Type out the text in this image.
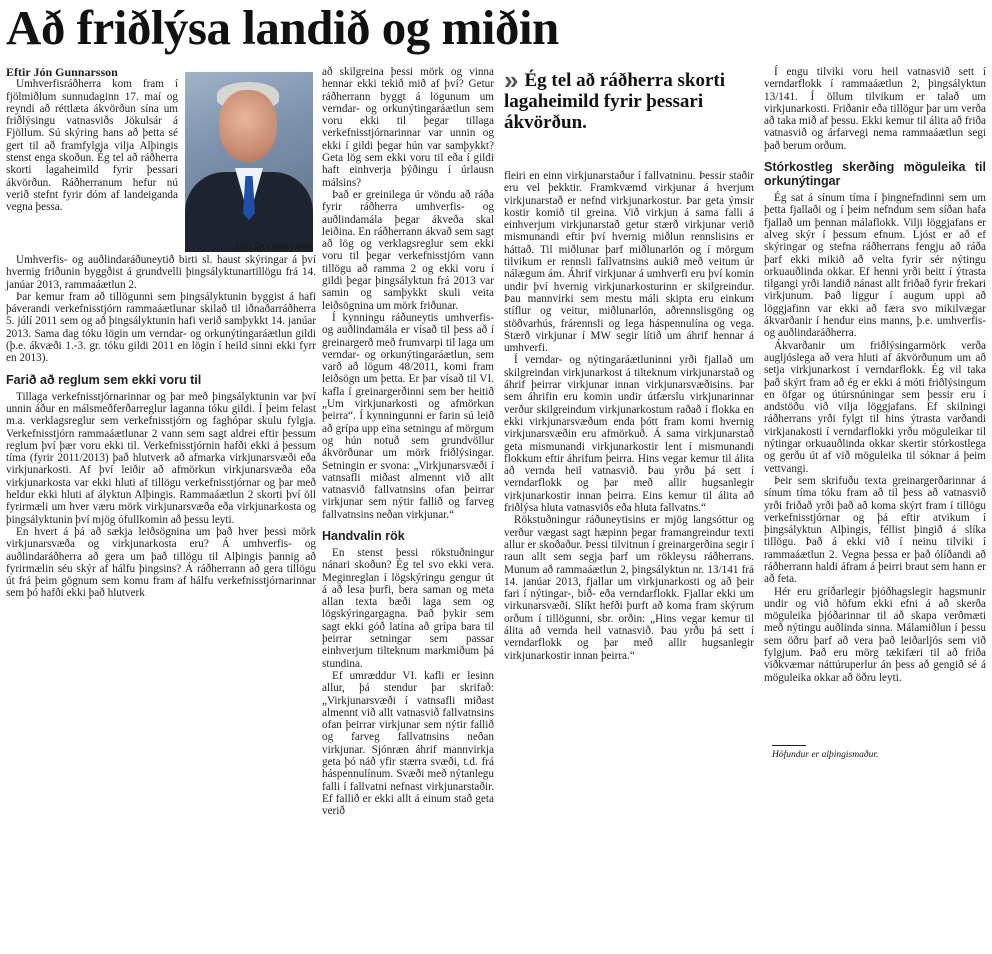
Að friðlýsa landið og miðin

Eftir Jón Gunnarsson

Umhverfisráðherra kom fram í fjölmiðlum sunnudaginn 17. maí og reyndi að réttlæta ákvörðun sína um friðlýsingu vatnasviðs Jökulsár á Fjöllum. Sú skýring hans að þetta sé gert til að framfylgja vilja Alþingis stenst enga skoðun. Ég tel að ráðherra skorti lagaheimild fyrir þessari ákvörðun. Ráðherranum hefur nú verið stefnt fyrir dóm af landeiganda vegna þessa.

Umhverfis- og auðlindaráðuneytið birti sl. haust skýringar á því hvernig friðunin byggðist á grundvelli þingsályktunartillögu frá 14. janúar 2013, rammaáætlun 2.

Þar kemur fram að tillögunni sem þingsályktunin byggist á hafi þáverandi verkefnisstjórn rammaáætlunar skilað til iðnaðarráðherra 5. júlí 2011 sem og að þingsályktunin hafi verið samþykkt 14. janúar 2013. Sama dag tóku lögin um verndar- og orkunýtingaráætlun gildi (þ.e. ákvæði 1.-3. gr. tóku gildi 2011 en lögin í heild sinni ekki fyrr en 2013).

Farið að reglum sem ekki voru til

Tillaga verkefnisstjórnarinnar og þar með þingsályktunin var því unnin áður en málsmeðferðarreglur laganna tóku gildi. Í þeim felast m.a. verklagsreglur sem verkefnisstjórn og faghópar skulu fylgja. Verkefnisstjórn rammaáætlunar 2 vann sem sagt aldrei eftir þessum reglum því þær voru ekki til. Verkefnisstjórnin hafði ekki á þessum tíma (fyrir 2011/2013) það hlutverk að afmarka virkjunarsvæði eða virkjunarkosti. Af því leiðir að afmörkun virkjunarsvæða eða virkjunarkosta var ekki hluti af tillögu verkefnisstjórnar og þar með heldur ekki hluti af ályktun Alþingis. Rammaáætlun 2 skorti því öll fyrirmæli um hver væru mörk virkjunarsvæða eða virkjunarkosta og þingsályktunin því mjög ófullkomin að þessu leyti.

En hvert á þá að sækja leiðsögnina um það hver þessi mörk virkjunarsvæða og virkjunarkosta eru? Á umhverfis- og auðlindaráðherra að gera um það tillögu til Alþingis þannig að fyrirmælin séu skýr af hálfu þingsins? Á ráðherrann að gera tillögu út frá þeim gögnum sem komu fram af hálfu verkefnisstjórnarinnar sem þó hafði ekki það hlutverk

Jón Gunnarsson

að skilgreina þessi mörk og vinna hennar ekki tekið mið af því? Getur ráðherrann byggt á lögunum um verndar- og orkunýtingaráætlun sem voru ekki til þegar tillaga verkefnisstjórnarinnar var unnin og ekki í gildi þegar hún var samþykkt? Geta lög sem ekki voru til eða í gildi haft einhverja þýðingu í úrlausn málsins?

Það er greinilega úr vöndu að ráða fyrir ráðherra umhverfis- og auðlindamála þegar ákveða skal leiðina. En ráðherrann ákvað sem sagt að lög og verklagsreglur sem ekki voru til þegar verkefnisstjórn vann tillögu að ramma 2 og ekki voru í gildi þegar þingsályktun frá 2013 var samin og samþykkt skuli veita leiðsögnina um mörk friðunar.

Í kynningu ráðuneytis umhverfis- og auðlindamála er vísað til þess að í greinargerð með frumvarpi til laga um verndar- og orkunýtingaráætlun, sem varð að lögum 48/2011, komi fram leiðsögn um þetta. Er þar vísað til VI. kafla í greinargerðinni sem ber heitið „Um virkjunarkosti og afmörkun þeirra“. Í kynningunni er farin sú leið að grípa upp eina setningu af mörgum og hún notuð sem grundvöllur ákvörðunar um mörk friðlýsingar. Setningin er svona: „Virkjunarsvæði í vatnsafli miðast almennt við allt vatnasvið fallvatnsins ofan þeirrar virkjunar sem nýtir fallið og farveg fallvatnsins neðan virkjunar.“

Handvalin rök

En stenst þessi rökstuðningur nánari skoðun? Ég tel svo ekki vera. Meginreglan í lögskýringu gengur út á að lesa þurfi, bera saman og meta allan texta bæði laga sem og lögskýringargagna. Það þykir sem sagt ekki góð latína að grípa bara til þeirrar setningar sem passar einhverjum tilteknum markmiðum þá stundina.

Ef umræddur VI. kafli er lesinn allur, þá stendur þar skrifað: „Virkjunarsvæði í vatnsafli miðast almennt við allt vatnasvið fallvatnsins ofan þeirrar virkjunar sem nýtir fallið og farveg fallvatnsins neðan virkjunar. Sjónræn áhrif mannvirkja geta þó náð yfir stærra svæði, t.d. frá háspennulínum. Svæði með nýtanlegu falli í fallvatni nefnast virkjunarstaðir. Ef fallið er ekki allt á einum stað geta verið

» Ég tel að ráðherra skorti lagaheimild fyrir þessari ákvörðun.

fleiri en einn virkjunarstaður í fallvatninu. Þessir staðir eru vel þekktir. Framkvæmd virkjunar á hverjum virkjunarstað er nefnd virkjunarkostur. Þar geta ýmsir kostir komið til greina. Við virkjun á sama falli á einhverjum virkjunarstað getur stærð virkjunar verið mismunandi eftir því hvernig miðlun rennslisins er háttað. Til miðlunar þarf miðlunarlón og í mörgum tilvikum er rennsli fallvatnsins aukið með veitum úr nálægum ám. Áhrif virkjunar á umhverfi eru því komin undir því hvernig virkjunarkosturinn er skilgreindur. Þau mannvirki sem mestu máli skipta eru einkum stíflur og veitur, miðlunarlón, aðrennslisgöng og stöðvarhús, frárennsli og lega háspennulína og vega. Stærð virkjunar í MW segir lítið um áhrif hennar á umhverfi.

Í verndar- og nýtingaráætluninni yrði fjallað um skilgreindan virkjunarkost á tilteknum virkjunarstað og áhrif þeirrar virkjunar innan virkjunarsvæðisins. Þar sem áhrifin eru komin undir útfærslu virkjunarinnar verður skilgreindum virkjunarkostum raðað í flokka en ekki virkjunarsvæðum enda þótt fram komi hvernig virkjunarsvæðin eru afmörkuð. Á sama virkjunarstað geta mismunandi virkjunarkostir lent í mismunandi flokkum eftir áhrifum þeirra. Hins vegar kemur til álita að vernda heil vatnasvið. Þau yrðu þá sett í verndarflokk og þar með allir hugsanlegir virkjunarkostir innan þeirra. Eins kemur til álita að friðlýsa hluta vatnasviðs eða hluta fallvatns.“

Rökstuðningur ráðuneytisins er mjög langsóttur og verður vægast sagt hæpinn þegar framangreindur texti allur er skoðaður. Þessi tilvitnun í greinargerðina segir í raun allt sem segja þarf um rökleysu ráðherrans. Munum að rammaáætlun 2, þingsályktun nr. 13/141 frá 14. janúar 2013, fjallar um virkjunarkosti og að þeir fari í nýtingar-, bið- eða verndarflokk. Fjallar ekki um virkunarsvæði. Slíkt hefði þurft að koma fram skýrum orðum í tillögunni, sbr. orðin: „Hins vegar kemur til álita að vernda heil vatnasvið. Þau yrðu þá sett í verndarflokk og þar með allir hugsanlegir virkjunarkostir innan þeirra.“

Í engu tilviki voru heil vatnasvið sett í verndarflokk í rammaáætlun 2, þingsályktun 13/141. Í öllum tilvikum er talað um virkjunarkosti. Friðanir eða tillögur þar um verða að taka mið af þessu. Ekki kemur til álita að friða vatnasvið og árfarvegi nema rammaáætlun segi það berum orðum.

Stórkostleg skerðing möguleika til orkunýtingar

Ég sat á sínum tíma í þingnefndinni sem um þetta fjallaði og í þeim nefndum sem síðan hafa fjallað um þennan málaflokk. Vilji löggjafans er alveg skýr í þessum efnum. Ljóst er að ef skýringar og stefna ráðherrans fengju að ráða þarf ekki mikið að velta fyrir sér nýtingu orkuauðlinda okkar. Ef henni yrði beitt í ýtrasta tilgangi yrði landið nánast allt friðað fyrir frekari virkjunum. Það liggur í augum uppi að löggjafinn var ekki að færa svo mikilvægar ákvarðanir í hendur eins manns, þ.e. umhverfis- og auðlindaráðherra.

Ákvarðanir um friðlýsingarmörk verða augljóslega að vera hluti af ákvörðunum um að setja virkjunarkost í verndarflokk. Ég vil taka það skýrt fram að ég er ekki á móti friðlýsingum en öfgar og útúrsnúningar sem þessir eru í andstöðu við vilja löggjafans. Ef skilningi ráðherrans yrði fylgt til hins ýtrasta varðandi virkjanakosti í verndarflokki yrðu möguleikar til nýtingar orkuauðlinda okkar skertir stórkostlega og gerðu út af við möguleika til sóknar á þeim vettvangi.

Þeir sem skrifuðu texta greinargerðarinnar á sínum tíma tóku fram að til þess að vatnasvið yrði friðað yrði það að koma skýrt fram í tillögu verkefnisstjórnar og þá eftir atvikum í þingsályktun Alþingis, féllist þingið á slíka tillögu. Það á ekki við í neinu tilviki í rammaáætlun 2. Vegna þessa er það ólíðandi að ráðherrann haldi áfram á þeirri braut sem hann er að feta.

Hér eru gríðarlegir þjóðhagslegir hagsmunir undir og við höfum ekki efni á að skerða möguleika þjóðarinnar til að skapa verðmæti með nýtingu auðlinda sinna. Málamiðlun í þessu sem öðru þarf að vera það leiðarljós sem við fylgjum. Það eru mörg tækifæri til að friða viðkvæmar náttúruperlur án þess að gengið sé á möguleika okkar að öðru leyti.

Höfundur er alþingismaður.
